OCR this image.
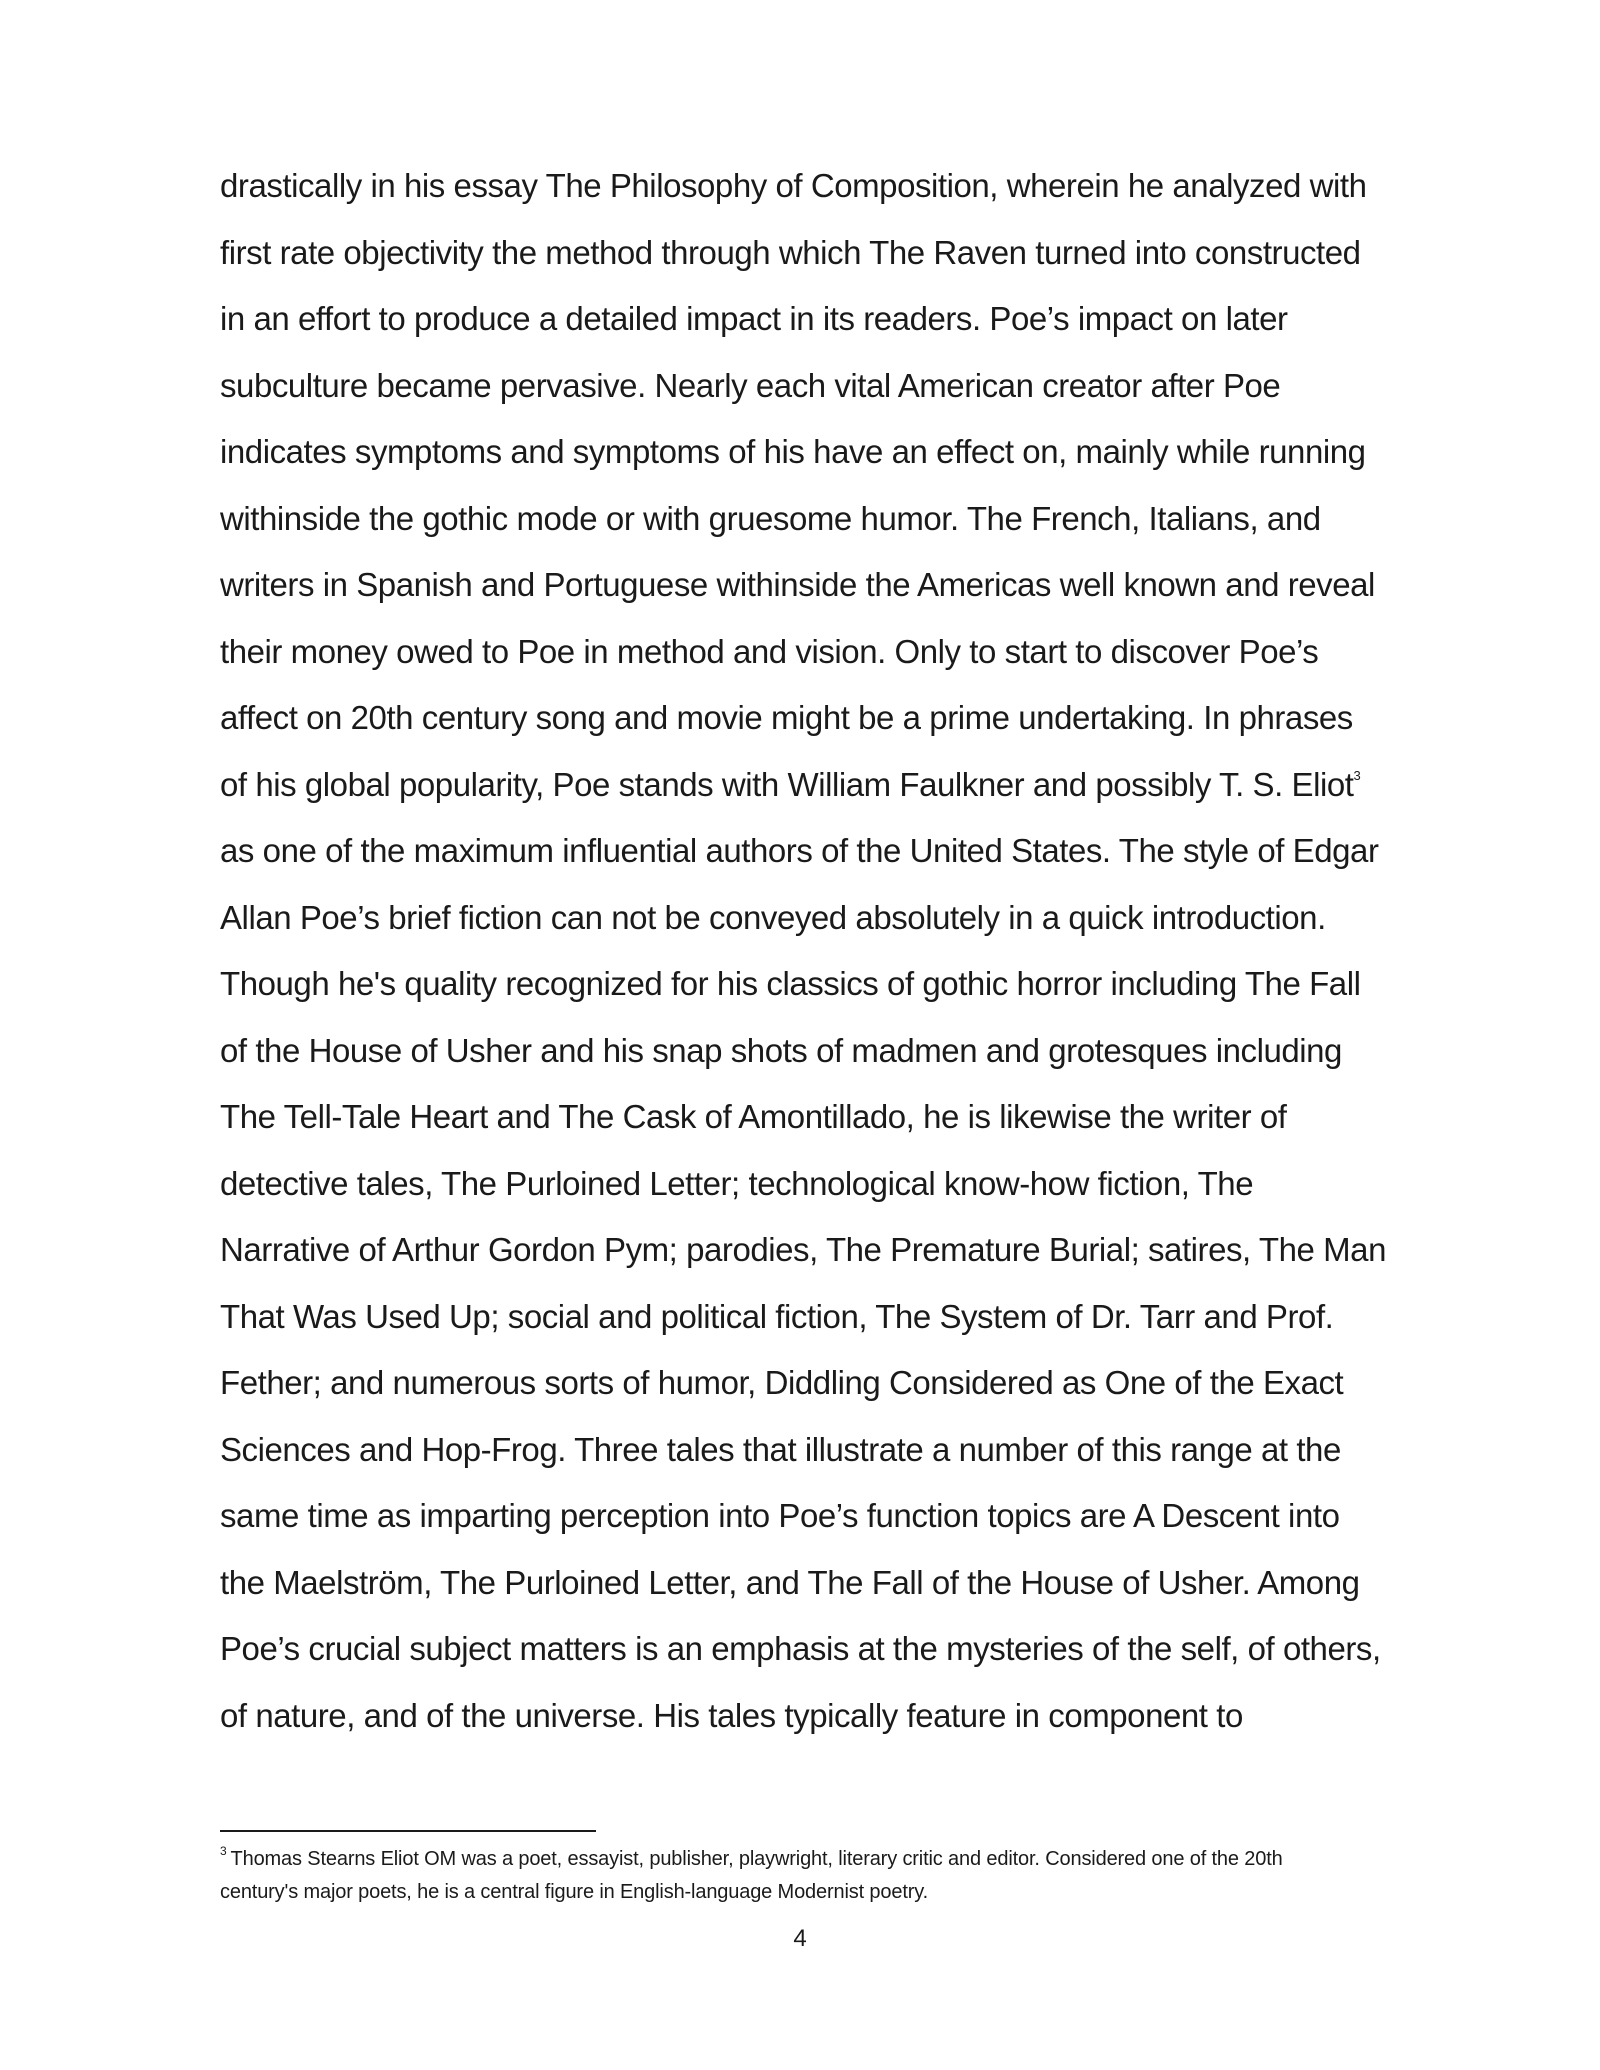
drastically in his essay The Philosophy of Composition, wherein he analyzed with
first rate objectivity the method through which The Raven turned into constructed
in an effort to produce a detailed impact in its readers. Poe’s impact on later
subculture became pervasive. Nearly each vital American creator after Poe
indicates symptoms and symptoms of his have an effect on, mainly while running
withinside the gothic mode or with gruesome humor. The French, Italians, and
writers in Spanish and Portuguese withinside the Americas well known and reveal
their money owed to Poe in method and vision. Only to start to discover Poe’s
affect on 20th century song and movie might be a prime undertaking. In phrases
of his global popularity, Poe stands with William Faulkner and possibly T. S. Eliot$^3$
as one of the maximum influential authors of the United States. The style of Edgar
Allan Poe’s brief fiction can not be conveyed absolutely in a quick introduction.
Though he's quality recognized for his classics of gothic horror including The Fall
of the House of Usher and his snap shots of madmen and grotesques including
The Tell-Tale Heart and The Cask of Amontillado, he is likewise the writer of
detective tales, The Purloined Letter; technological know-how fiction, The
Narrative of Arthur Gordon Pym; parodies, The Premature Burial; satires, The Man
That Was Used Up; social and political fiction, The System of Dr. Tarr and Prof.
Fether; and numerous sorts of humor, Diddling Considered as One of the Exact
Sciences and Hop-Frog. Three tales that illustrate a number of this range at the
same time as imparting perception into Poe’s function topics are A Descent into
the Maelström, The Purloined Letter, and The Fall of the House of Usher. Among
Poe’s crucial subject matters is an emphasis at the mysteries of the self, of others,
of nature, and of the universe. His tales typically feature in component to
$^3$ Thomas Stearns Eliot OM was a poet, essayist, publisher, playwright, literary critic and editor. Considered one of the 20th
century's major poets, he is a central figure in English-language Modernist poetry.
4
